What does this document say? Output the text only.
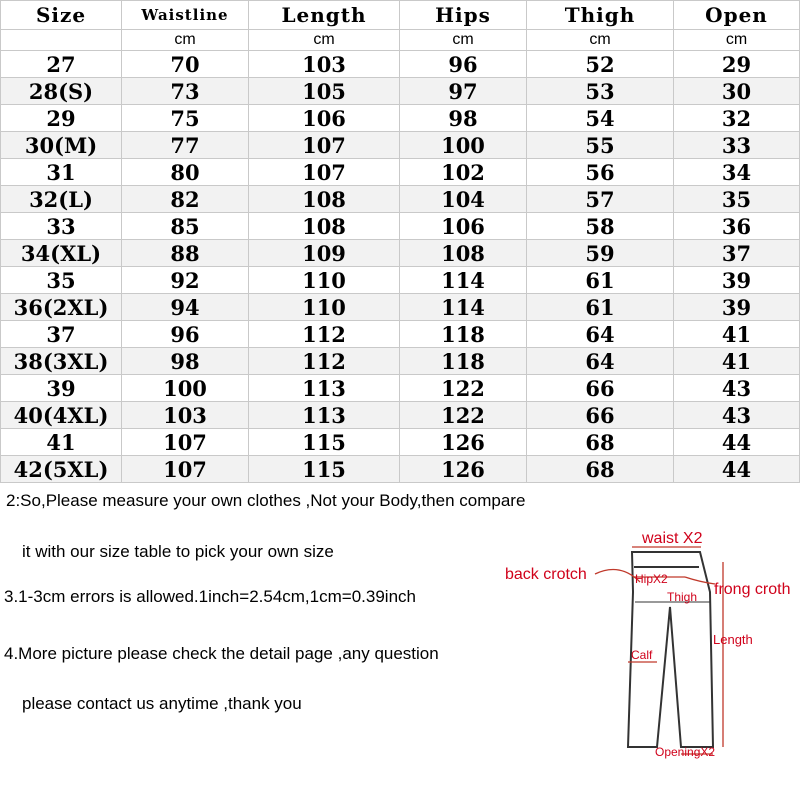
Size	Waistline	Length	Hips	Thigh	Open
	cm	cm	cm	cm	cm
27	70	103	96	52	29
28(S)	73	105	97	53	30
29	75	106	98	54	32
30(M)	77	107	100	55	33
31	80	107	102	56	34
32(L)	82	108	104	57	35
33	85	108	106	58	36
34(XL)	88	109	108	59	37
35	92	110	114	61	39
36(2XL)	94	110	114	61	39
37	96	112	118	64	41
38(3XL)	98	112	118	64	41
39	100	113	122	66	43
40(4XL)	103	113	122	66	43
41	107	115	126	68	44
42(5XL)	107	115	126	68	44
2:So,Please measure your own clothes ,Not your Body,then compare
it with our size table to pick your own size
3.1-3cm errors is allowed.1inch=2.54cm,1cm=0.39inch
4.More picture please check the detail page ,any question
please contact us anytime ,thank you
waist X2
back crotch
frong croth
HipX2
Thigh
Length
Calf
OpeningX2
